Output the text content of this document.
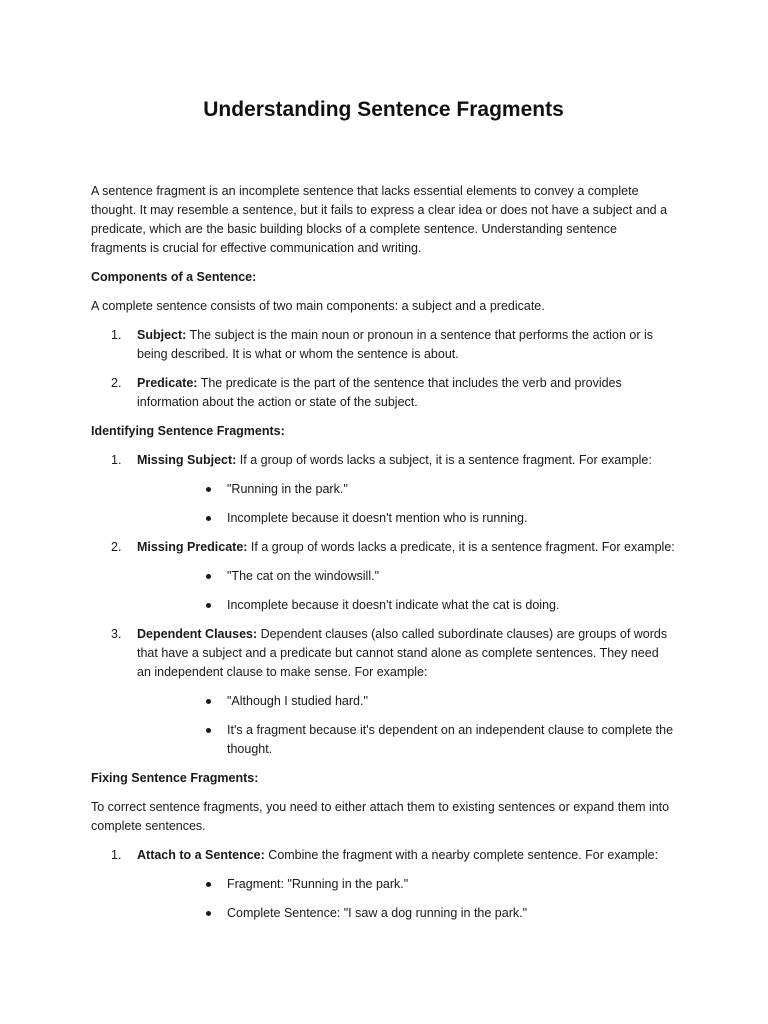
Understanding Sentence Fragments

A sentence fragment is an incomplete sentence that lacks essential elements to convey a complete thought. It may resemble a sentence, but it fails to express a clear idea or does not have a subject and a predicate, which are the basic building blocks of a complete sentence. Understanding sentence fragments is crucial for effective communication and writing.

Components of a Sentence:

A complete sentence consists of two main components: a subject and a predicate.

1. Subject: The subject is the main noun or pronoun in a sentence that performs the action or is being described. It is what or whom the sentence is about.
2. Predicate: The predicate is the part of the sentence that includes the verb and provides information about the action or state of the subject.

Identifying Sentence Fragments:

1. Missing Subject: If a group of words lacks a subject, it is a sentence fragment. For example:
"Running in the park."
Incomplete because it doesn't mention who is running.
2. Missing Predicate: If a group of words lacks a predicate, it is a sentence fragment. For example:
"The cat on the windowsill."
Incomplete because it doesn't indicate what the cat is doing.
3. Dependent Clauses: Dependent clauses (also called subordinate clauses) are groups of words that have a subject and a predicate but cannot stand alone as complete sentences. They need an independent clause to make sense. For example:
"Although I studied hard."
It's a fragment because it's dependent on an independent clause to complete the thought.

Fixing Sentence Fragments:

To correct sentence fragments, you need to either attach them to existing sentences or expand them into complete sentences.

1. Attach to a Sentence: Combine the fragment with a nearby complete sentence. For example:
Fragment: "Running in the park."
Complete Sentence: "I saw a dog running in the park."
